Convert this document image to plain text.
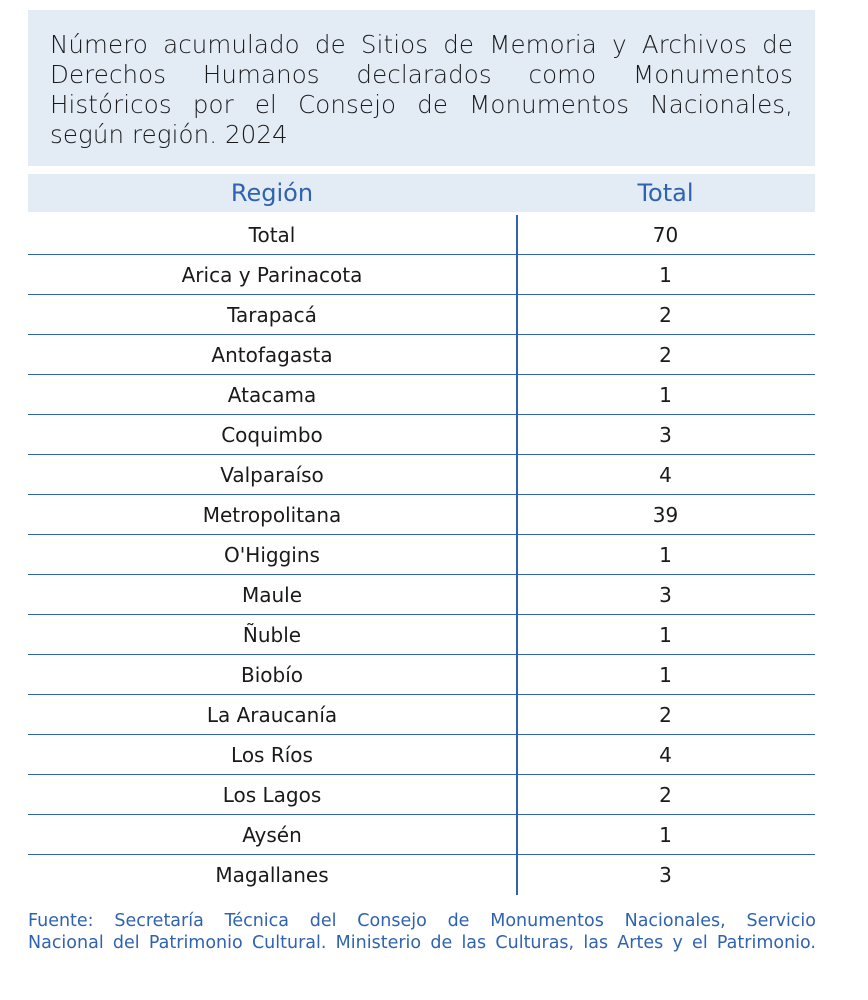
Número acumulado de Sitios de Memoria y Archivos de Derechos Humanos declarados como Monumentos Históricos por el Consejo de Monumentos Nacionales, según región. 2024
Región	Total
Total	70
Arica y Parinacota	1
Tarapacá	2
Antofagasta	2
Atacama	1
Coquimbo	3
Valparaíso	4
Metropolitana	39
O'Higgins	1
Maule	3
Ñuble	1
Biobío	1
La Araucanía	2
Los Ríos	4
Los Lagos	2
Aysén	1
Magallanes	3
Fuente: Secretaría Técnica del Consejo de Monumentos Nacionales, Servicio
Nacional del Patrimonio Cultural. Ministerio de las Culturas, las Artes y el Patrimonio.
